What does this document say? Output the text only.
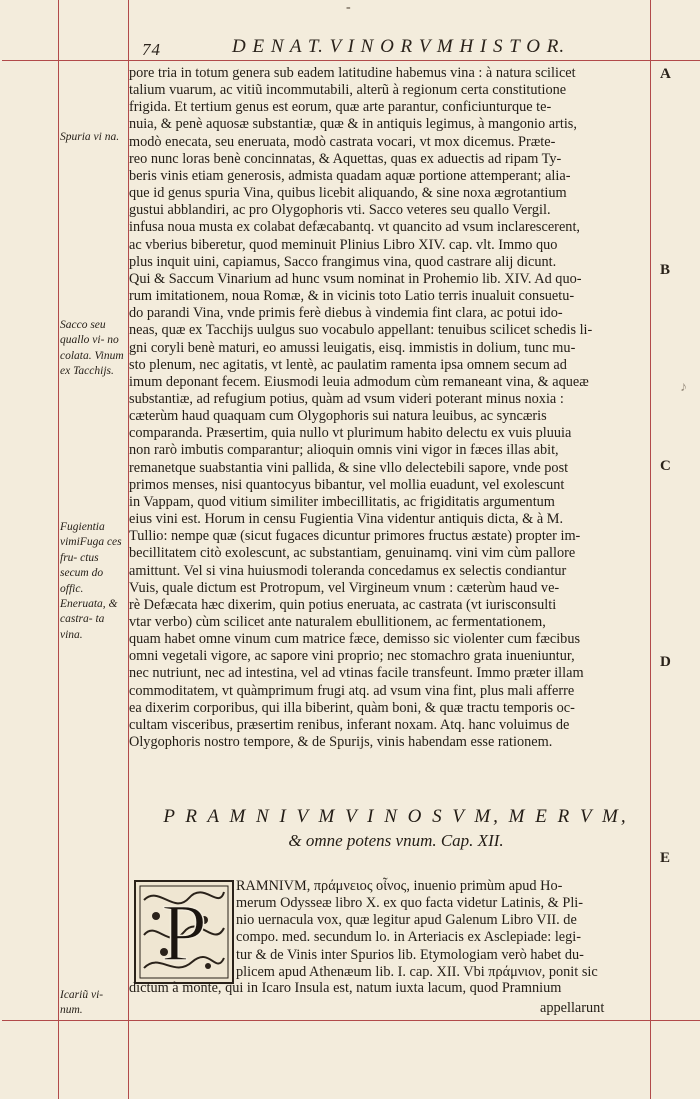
-
74	D E N A T. V I N O R V M H I S T O R.
Spuria vi na.
Sacco seu quallo vi- no colata. Vinum ex Tacchijs.
Fugientia vimiFuga ces fru- ctus secum do offic. Eneruata, & castra- ta vina.
Icariũ vi- num.
A
B
C
D
E

pore tria in totum genera sub eadem latitudine habemus vina : à natura scilicet

talium vuarum, ac vitiũ incommutabili, alterũ à regionum certa constitutione

frigida. Et tertium genus est eorum, quæ arte parantur, conficiunturque te-

nuia, & penè aquosæ substantiæ, quæ & in antiquis legimus, à mangonio artis,

modò enecata, seu eneruata, modò castrata vocari, vt mox dicemus. Præte-

reo nunc loras benè concinnatas, & Aquettas, quas ex aduectis ad ripam Ty-

beris vinis etiam generosis, admista quadam aquæ portione attemperant; alia-

que id genus spuria Vina, quibus licebit aliquando, & sine noxa ægrotantium

gustui abblandiri, ac pro Olygophoris vti. Sacco veteres seu quallo Vergil.

infusa noua musta ex colabat defæcabantq. vt quancito ad vsum inclarescerent,

ac vberius biberetur, quod meminuit Plinius Libro XIV. cap. vlt. Immo quo

plus inquit uini, capiamus, Sacco frangimus vina, quod castrare alij dicunt.

Qui & Saccum Vinarium ad hunc vsum nominat in Prohemio lib. XIV. Ad quo-

rum imitationem, noua Romæ, & in vicinis toto Latio terris inualuit consuetu-

do parandi Vina, vnde primis ferè diebus à vindemia fint clara, ac potui ido-

neas, quæ ex Tacchijs uulgus suo vocabulo appellant: tenuibus scilicet schedis li-

gni coryli benè maturi, eo amussi leuigatis, eisq. immistis in dolium, tunc mu-

sto plenum, nec agitatis, vt lentè, ac paulatim ramenta ipsa omnem secum ad

imum deponant fecem. Eiusmodi leuia admodum cùm remaneant vina, & aqueæ

substantiæ, ad refugium potius, quàm ad vsum videri poterant minus noxia :

cæterùm haud quaquam cum Olygophoris sui natura leuibus, ac syncæris

comparanda. Præsertim, quia nullo vt plurimum habito delectu ex vuis pluuia

non rarò imbutis comparantur; alioquin omnis vini vigor in fæces illas abit,

remanetque suabstantia vini pallida, & sine vllo delectebili sapore, vnde post

primos menses, nisi quantocyus bibantur, vel mollia euadunt, vel exolescunt

in Vappam, quod vitium similiter imbecillitatis, ac frigiditatis argumentum

eius vini est. Horum in censu Fugientia Vina videntur antiquis dicta, & à M.

Tullio: nempe quæ (sicut fugaces dicuntur primores fructus æstate) propter im-

becillitatem citò exolescunt, ac substantiam, genuinamq. vini vim cùm pallore

amittunt. Vel si vina huiusmodi toleranda concedamus ex selectis condiantur

Vuis, quale dictum est Protropum, vel Virgineum vnum : cæterùm haud ve-

rè Defæcata hæc dixerim, quin potius eneruata, ac castrata (vt iurisconsulti

vtar verbo) cùm scilicet ante naturalem ebullitionem, ac fermentationem,

quam habet omne vinum cum matrice fæce, demisso sic violenter cum fæcibus

omni vegetali vigore, ac sapore vini proprio; nec stomachro grata inueniuntur,

nec nutriunt, nec ad intestina, vel ad vtinas facile transfeunt. Immo præter illam

commoditatem, vt quàmprimum frugi atq. ad vsum vina fint, plus mali afferre

ea dixerim corporibus, qui illa biberint, quàm boni, & quæ tractu temporis oc-

cultam visceribus, præsertim renibus, inferant noxam. Atq. hanc voluimus de

Olygophoris nostro tempore, & de Spurijs, vinis habendam esse rationem.

P R A M N I V M V I N O S V M, M E R V M,
& omne potens vnum. Cap. XII.
P

RAMNIVM, πράμνειος οἶνος, inuenio primùm apud Ho-

merum Odysseæ libro X. ex quo facta videtur Latinis, & Pli-

nio uernacula vox, quæ legitur apud Galenum Libro VII. de

compo. med. secundum lo. in Arteriacis ex Asclepiade: legi-

tur & de Vinis inter Spurios lib. Etymologiam verò habet du-

plicem apud Athenæum lib. I. cap. XII. Vbi πράμνιον, ponit sic

dictum à monte, qui in Icaro Insula est, natum iuxta lacum, quod Pramnium
appellarunt
♪
